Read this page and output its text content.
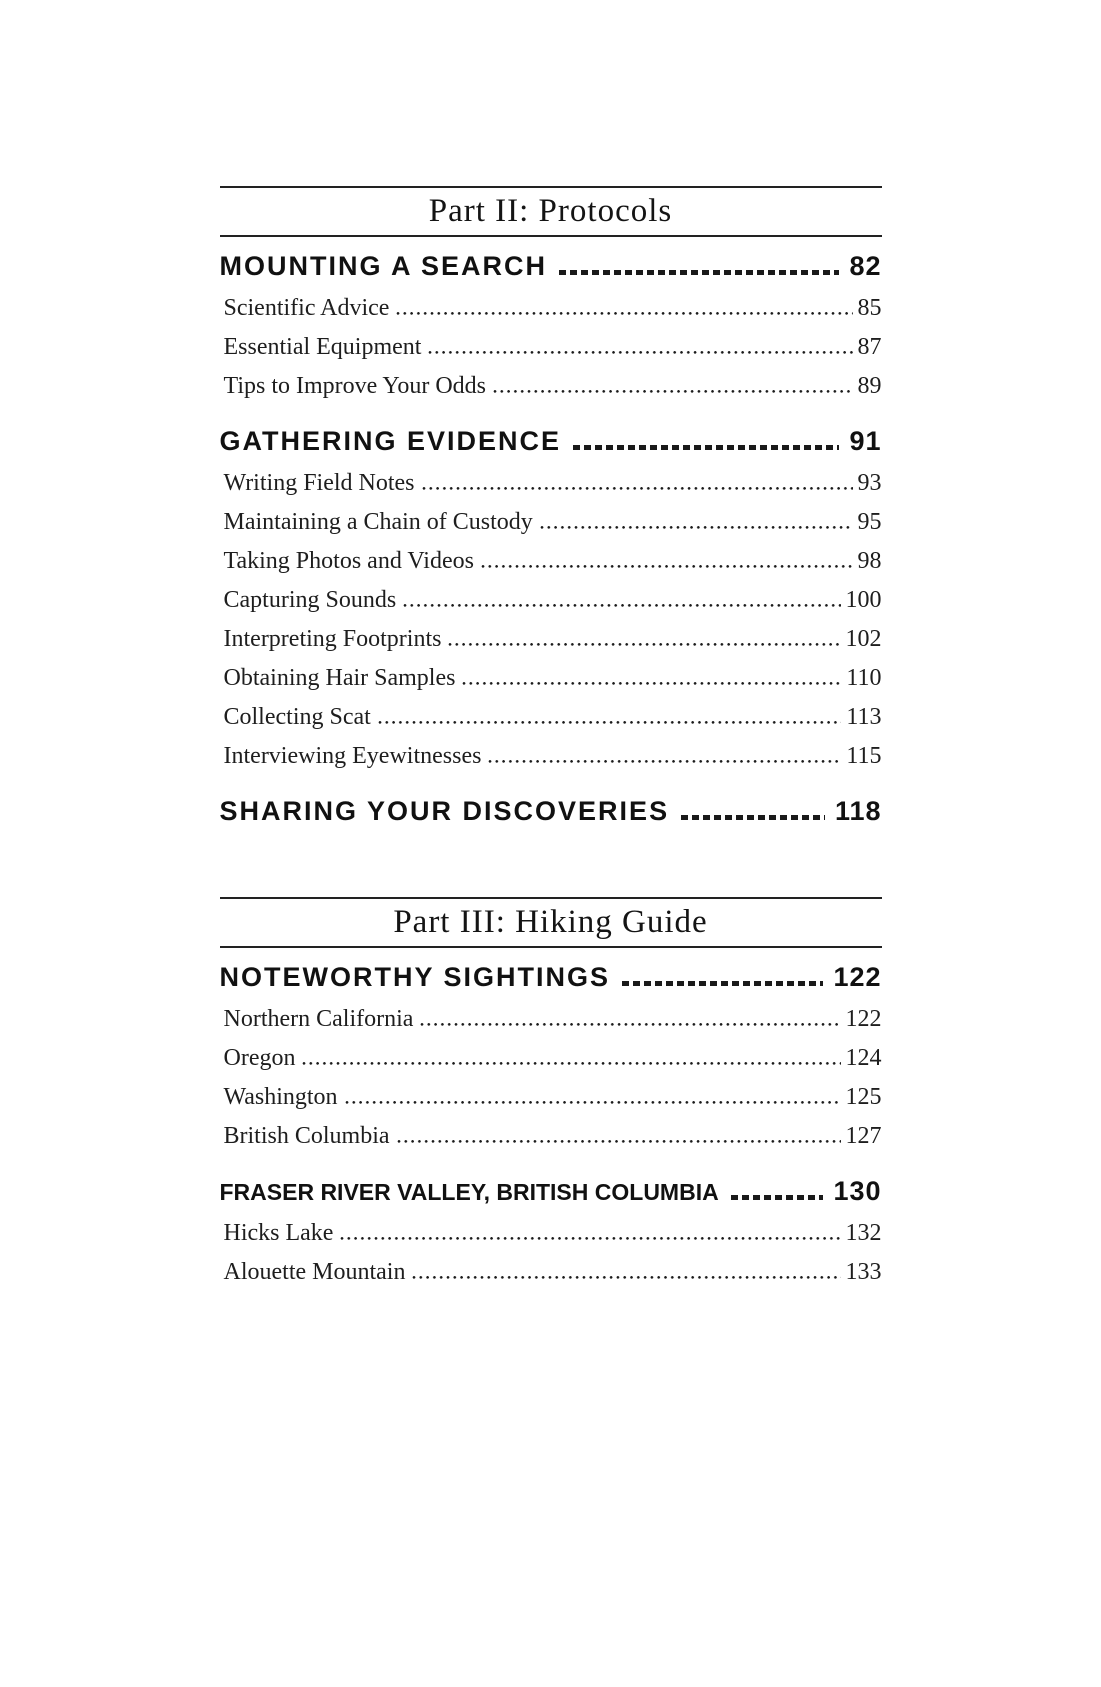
Part II: Protocols
MOUNTING A SEARCH	82
Scientific Advice	85
Essential Equipment	87
Tips to Improve Your Odds	89
GATHERING EVIDENCE	91
Writing Field Notes	93
Maintaining a Chain of Custody	95
Taking Photos and Videos	98
Capturing Sounds	100
Interpreting Footprints	102
Obtaining Hair Samples	110
Collecting Scat	113
Interviewing Eyewitnesses	115
SHARING YOUR DISCOVERIES	118
Part III: Hiking Guide
NOTEWORTHY SIGHTINGS	122
Northern California	122
Oregon	124
Washington	125
British Columbia	127
FRASER RIVER VALLEY, BRITISH COLUMBIA	130
Hicks Lake	132
Alouette Mountain	133
